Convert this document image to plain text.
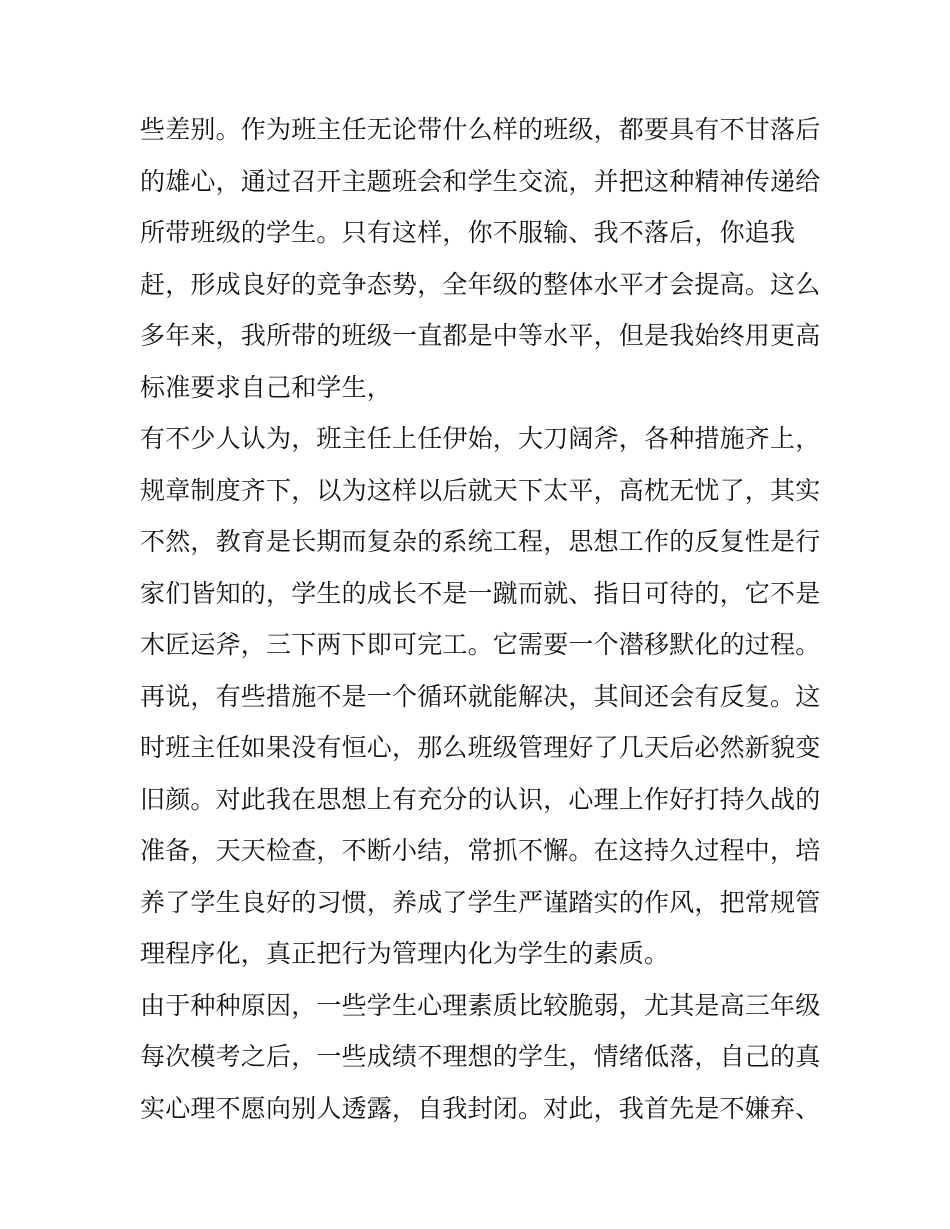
些差别。作为班主任无论带什么样的班级，都要具有不甘落后
的雄心，通过召开主题班会和学生交流，并把这种精神传递给
所带班级的学生。只有这样，你不服输、我不落后，你追我
赶，形成良好的竞争态势，全年级的整体水平才会提高。这么
多年来，我所带的班级一直都是中等水平，但是我始终用更高
标准要求自己和学生，
有不少人认为，班主任上任伊始，大刀阔斧，各种措施齐上，
规章制度齐下，以为这样以后就天下太平，高枕无忧了，其实
不然，教育是长期而复杂的系统工程，思想工作的反复性是行
家们皆知的，学生的成长不是一蹴而就、指日可待的，它不是
木匠运斧，三下两下即可完工。它需要一个潜移默化的过程。
再说，有些措施不是一个循环就能解决，其间还会有反复。这
时班主任如果没有恒心，那么班级管理好了几天后必然新貌变
旧颜。对此我在思想上有充分的认识，心理上作好打持久战的
准备，天天检查，不断小结，常抓不懈。在这持久过程中，培
养了学生良好的习惯，养成了学生严谨踏实的作风，把常规管
理程序化，真正把行为管理内化为学生的素质。
由于种种原因，一些学生心理素质比较脆弱，尤其是高三年级
每次模考之后，一些成绩不理想的学生，情绪低落，自己的真
实心理不愿向别人透露，自我封闭。对此，我首先是不嫌弃、
